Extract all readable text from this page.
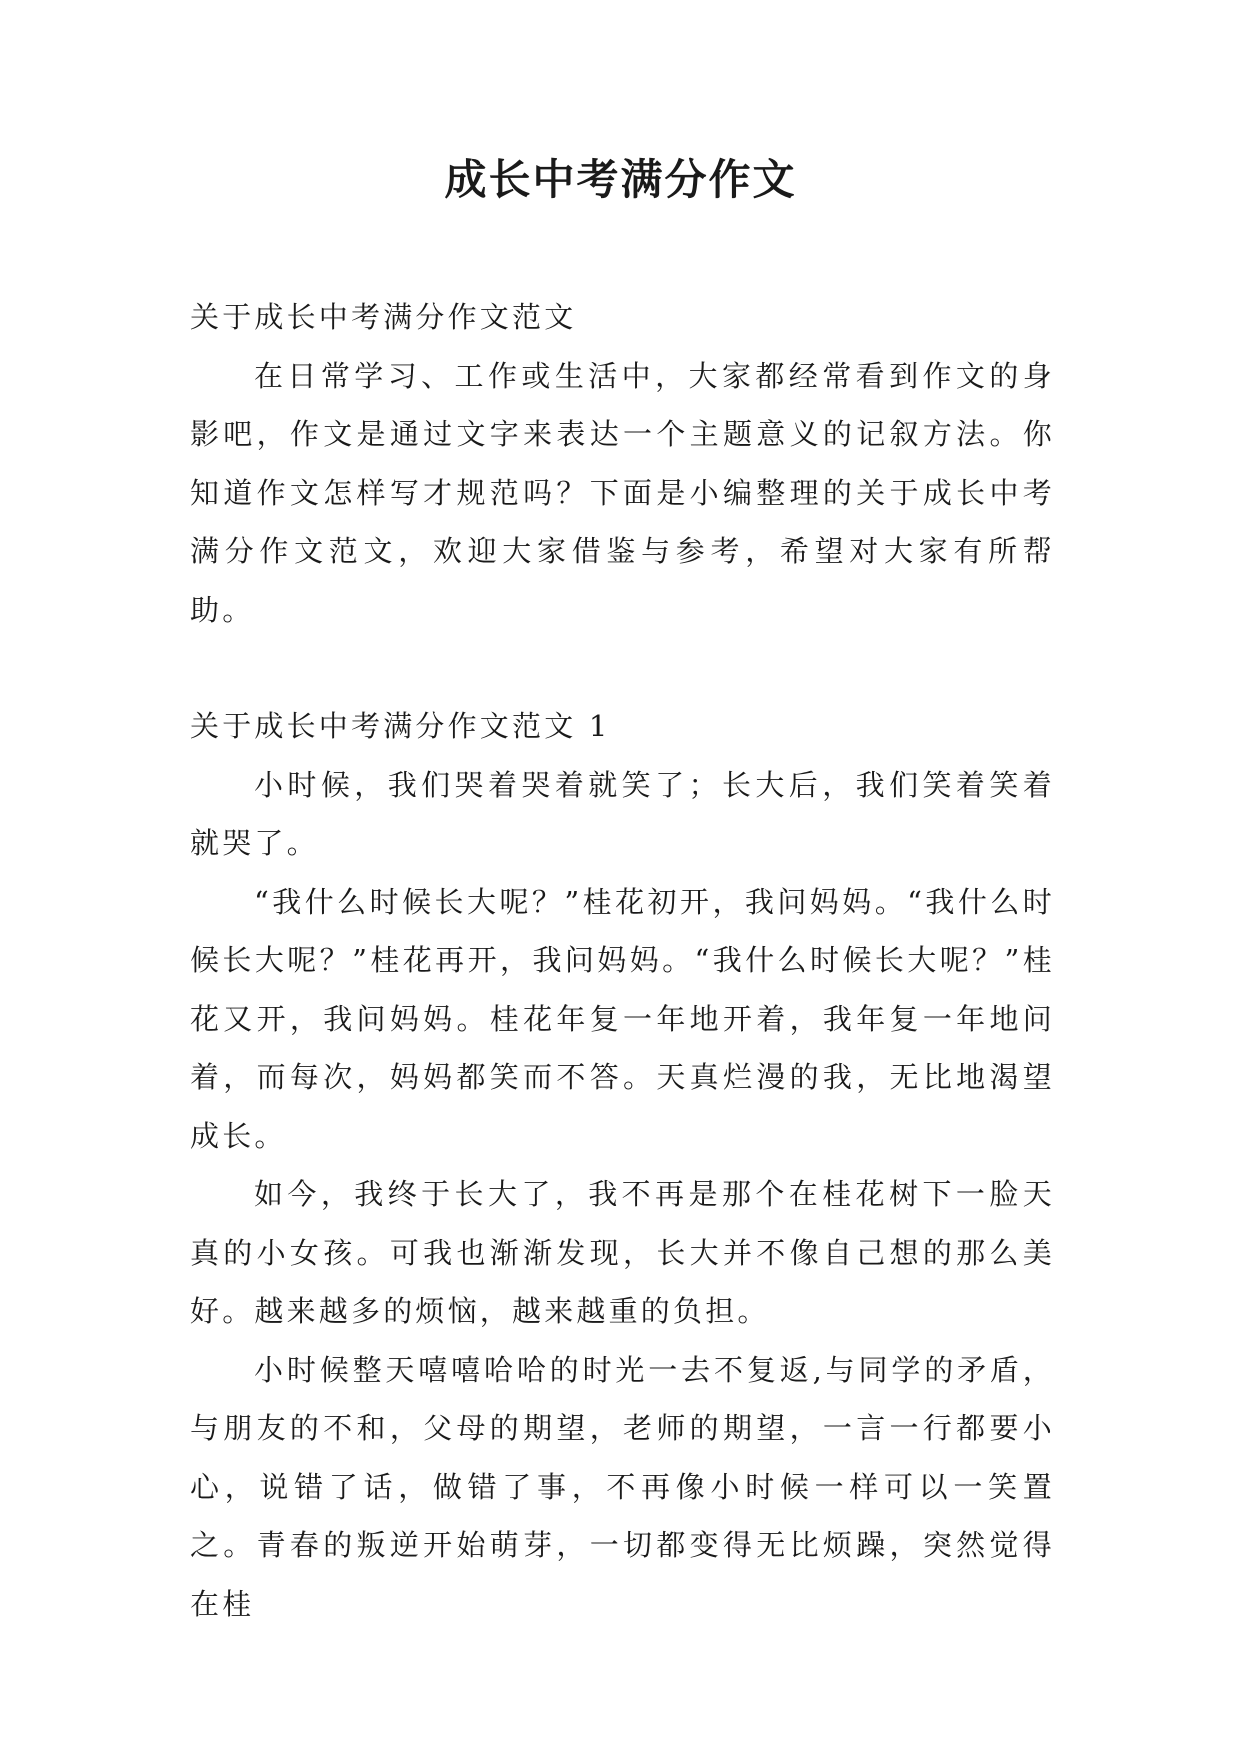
成长中考满分作文

关于成长中考满分作文范文

在日常学习、工作或生活中，大家都经常看到作文的身影吧，作文是通过文字来表达一个主题意义的记叙方法。你知道作文怎样写才规范吗？下面是小编整理的关于成长中考满分作文范文，欢迎大家借鉴与参考，希望对大家有所帮助。

关于成长中考满分作文范文 1

小时候，我们哭着哭着就笑了；长大后，我们笑着笑着就哭了。

“我什么时候长大呢？”桂花初开，我问妈妈。“我什么时候长大呢？”桂花再开，我问妈妈。“我什么时候长大呢？”桂花又开，我问妈妈。桂花年复一年地开着，我年复一年地问着，而每次，妈妈都笑而不答。天真烂漫的我，无比地渴望成长。

如今，我终于长大了，我不再是那个在桂花树下一脸天真的小女孩。可我也渐渐发现，长大并不像自己想的那么美好。越来越多的烦恼，越来越重的负担。

小时候整天嘻嘻哈哈的时光一去不复返,与同学的矛盾，与朋友的不和，父母的期望，老师的期望，一言一行都要小心，说错了话，做错了事，不再像小时候一样可以一笑置之。青春的叛逆开始萌芽，一切都变得无比烦躁，突然觉得在桂
